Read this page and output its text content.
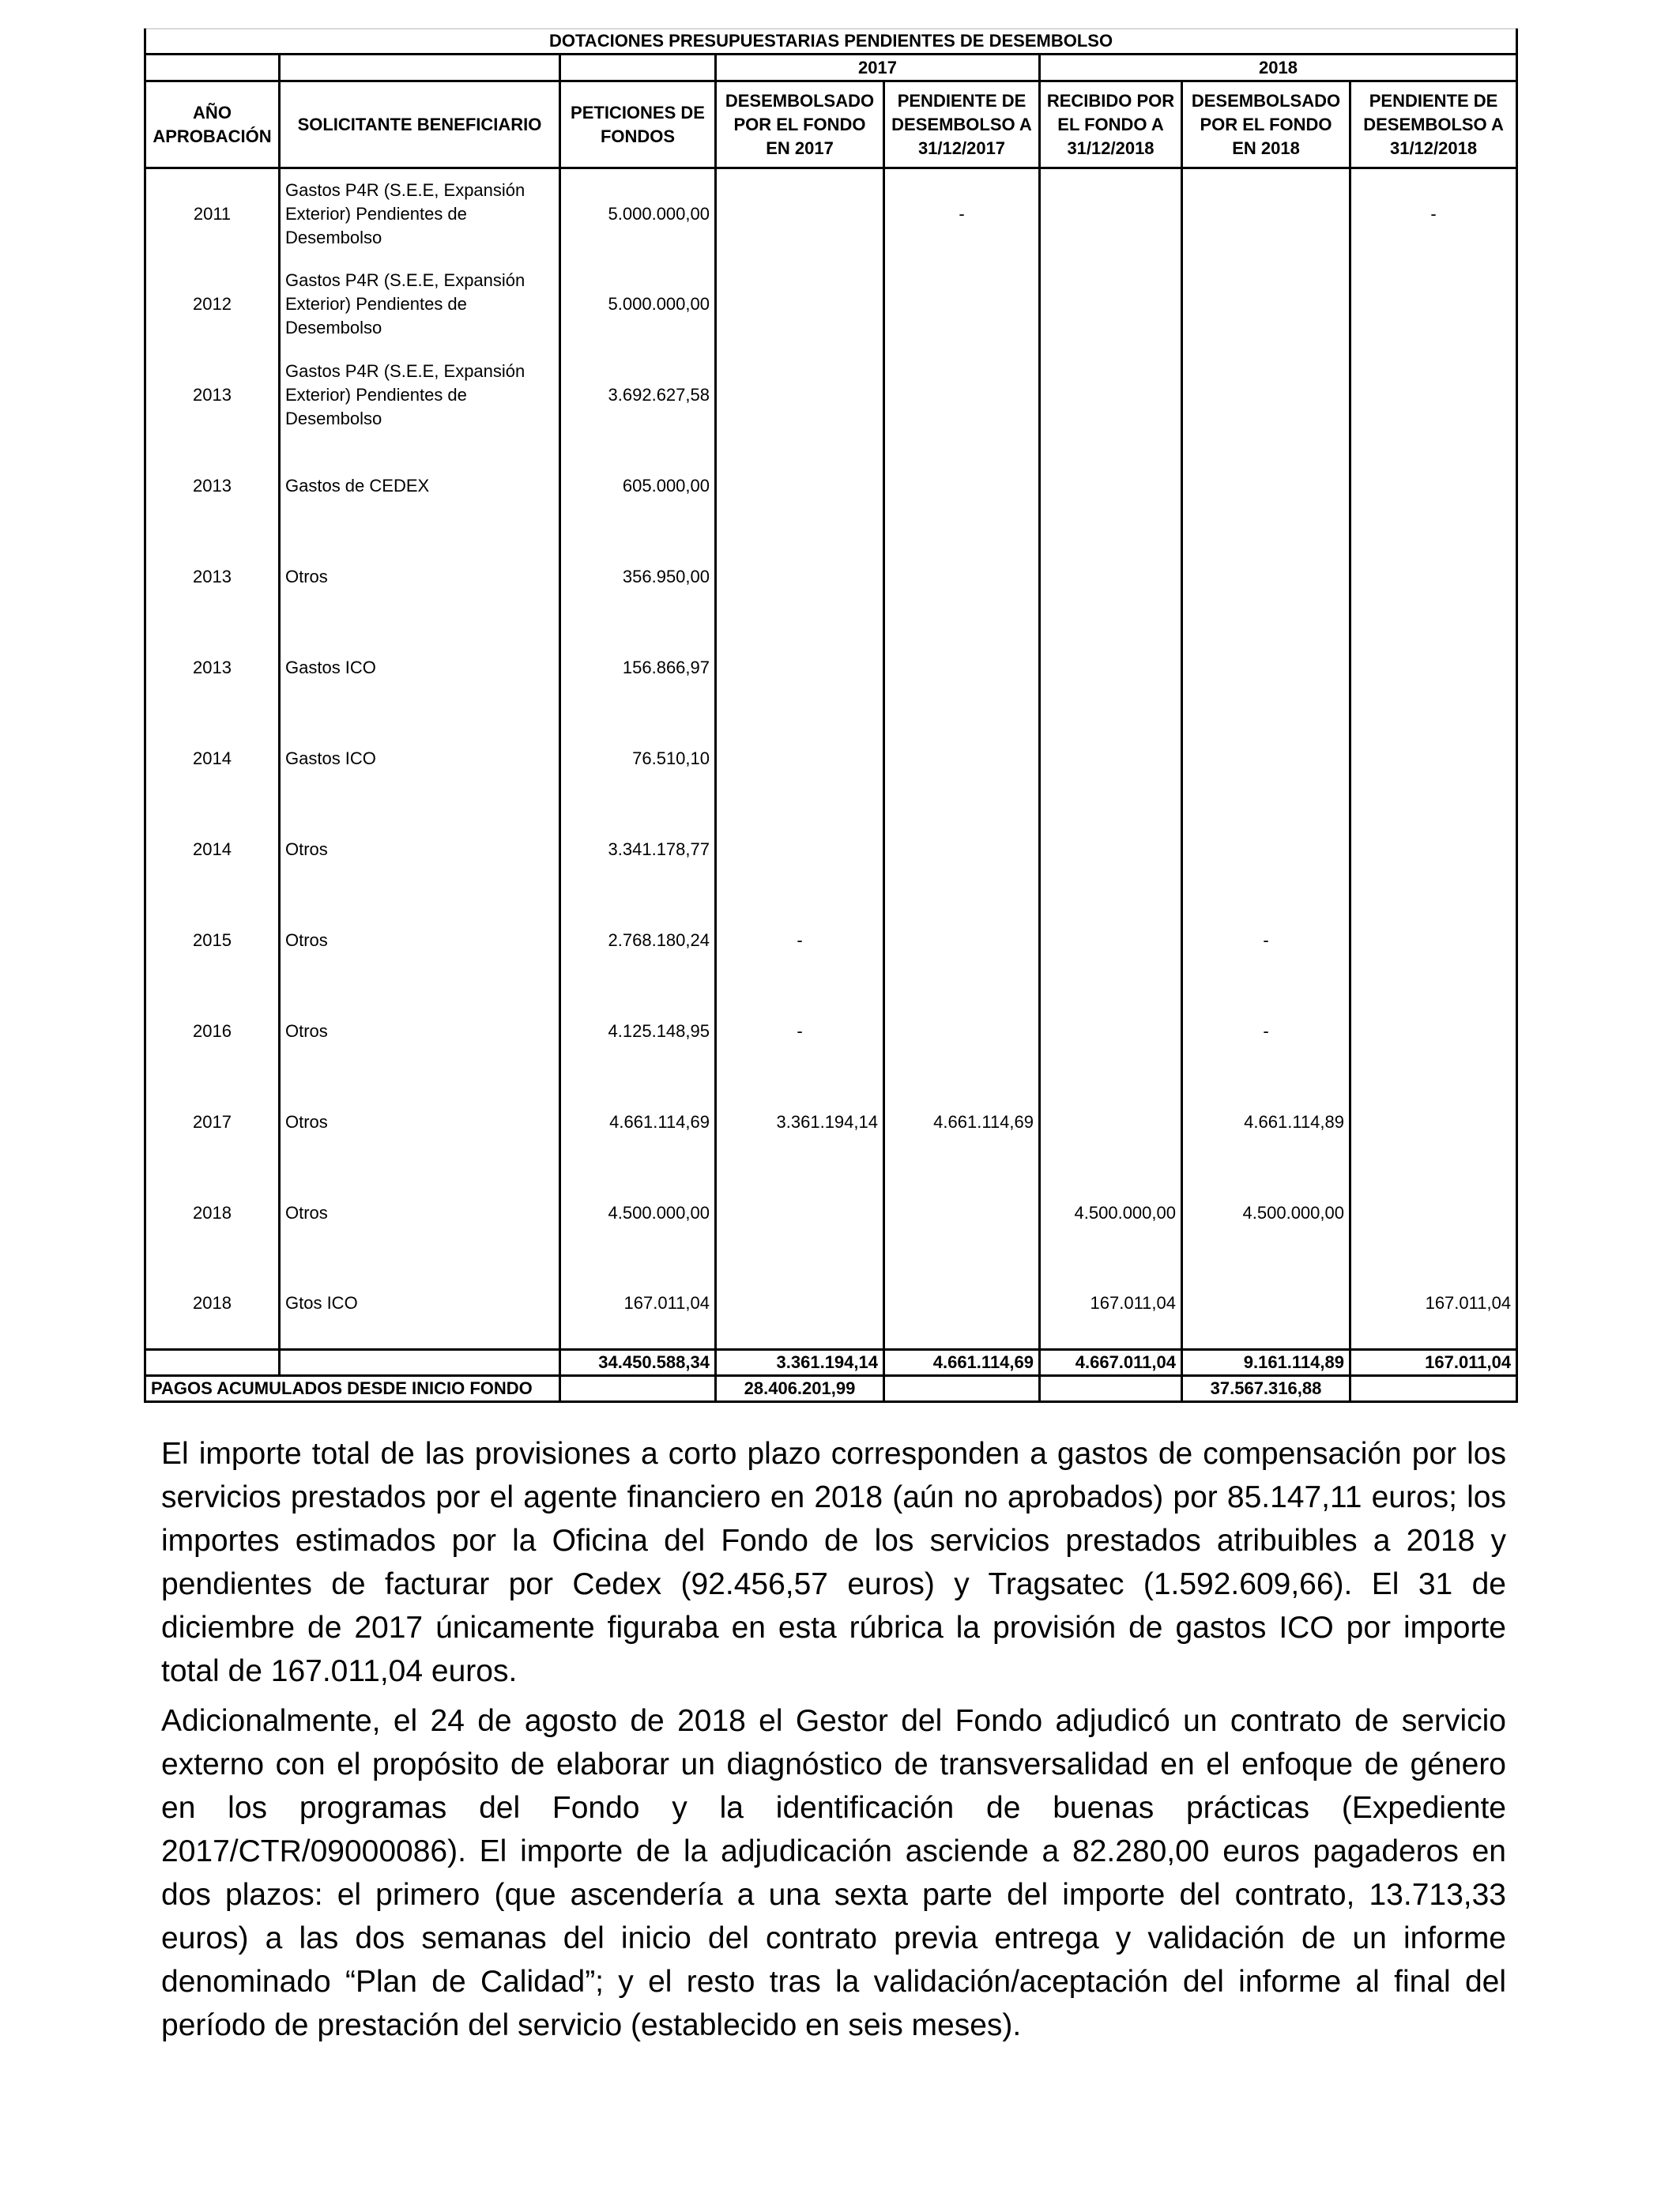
DOTACIONES PRESUPUESTARIAS PENDIENTES DE DESEMBOLSO							
			2017		2018		
AÑO APROBACIÓN	SOLICITANTE BENEFICIARIO	PETICIONES DE FONDOS	DESEMBOLSADO POR EL FONDO EN 2017	PENDIENTE DE DESEMBOLSO A 31/12/2017	RECIBIDO POR EL FONDO A 31/12/2018	DESEMBOLSADO POR EL FONDO EN 2018	PENDIENTE DE DESEMBOLSO A 31/12/2018
2011	Gastos P4R (S.E.E, Expansión Exterior) Pendientes de Desembolso	5.000.000,00		-			-
2012	Gastos P4R (S.E.E, Expansión Exterior) Pendientes de Desembolso	5.000.000,00					
2013	Gastos P4R (S.E.E, Expansión Exterior) Pendientes de Desembolso	3.692.627,58					
2013	Gastos de CEDEX	605.000,00					
2013	Otros	356.950,00					
2013	Gastos ICO	156.866,97					
2014	Gastos ICO	76.510,10					
2014	Otros	3.341.178,77					
2015	Otros	2.768.180,24	-			-	
2016	Otros	4.125.148,95	-			-	
2017	Otros	4.661.114,69	3.361.194,14	4.661.114,69		4.661.114,89	
2018	Otros	4.500.000,00			4.500.000,00	4.500.000,00	
2018	Gtos ICO	167.011,04			167.011,04		167.011,04
		34.450.588,34	3.361.194,14	4.661.114,69	4.667.011,04	9.161.114,89	167.011,04
PAGOS ACUMULADOS DESDE INICIO FONDO			28.406.201,99			37.567.316,88	

El importe total de las provisiones a corto plazo corresponden a gastos de compensación por los servicios prestados por el agente financiero en 2018 (aún no aprobados) por 85.147,11 euros; los importes estimados por la Oficina del Fondo de los servicios prestados atribuibles a 2018 y pendientes de facturar por Cedex (92.456,57 euros) y Tragsatec (1.592.609,66). El 31 de diciembre de 2017 únicamente figuraba en esta rúbrica la provisión de gastos ICO por importe total de 167.011,04 euros.

Adicionalmente, el 24 de agosto de 2018 el Gestor del Fondo adjudicó un contrato de servicio externo con el propósito de elaborar un diagnóstico de transversalidad en el enfoque de género en los programas del Fondo y la identificación de buenas prácticas (Expediente 2017/CTR/09000086). El importe de la adjudicación asciende a 82.280,00 euros pagaderos en dos plazos: el primero (que ascendería a una sexta parte del importe del contrato, 13.713,33 euros) a las dos semanas del inicio del contrato previa entrega y validación de un informe denominado “Plan de Calidad”; y el resto tras la validación/aceptación del informe al final del período de prestación del servicio (establecido en seis meses).
